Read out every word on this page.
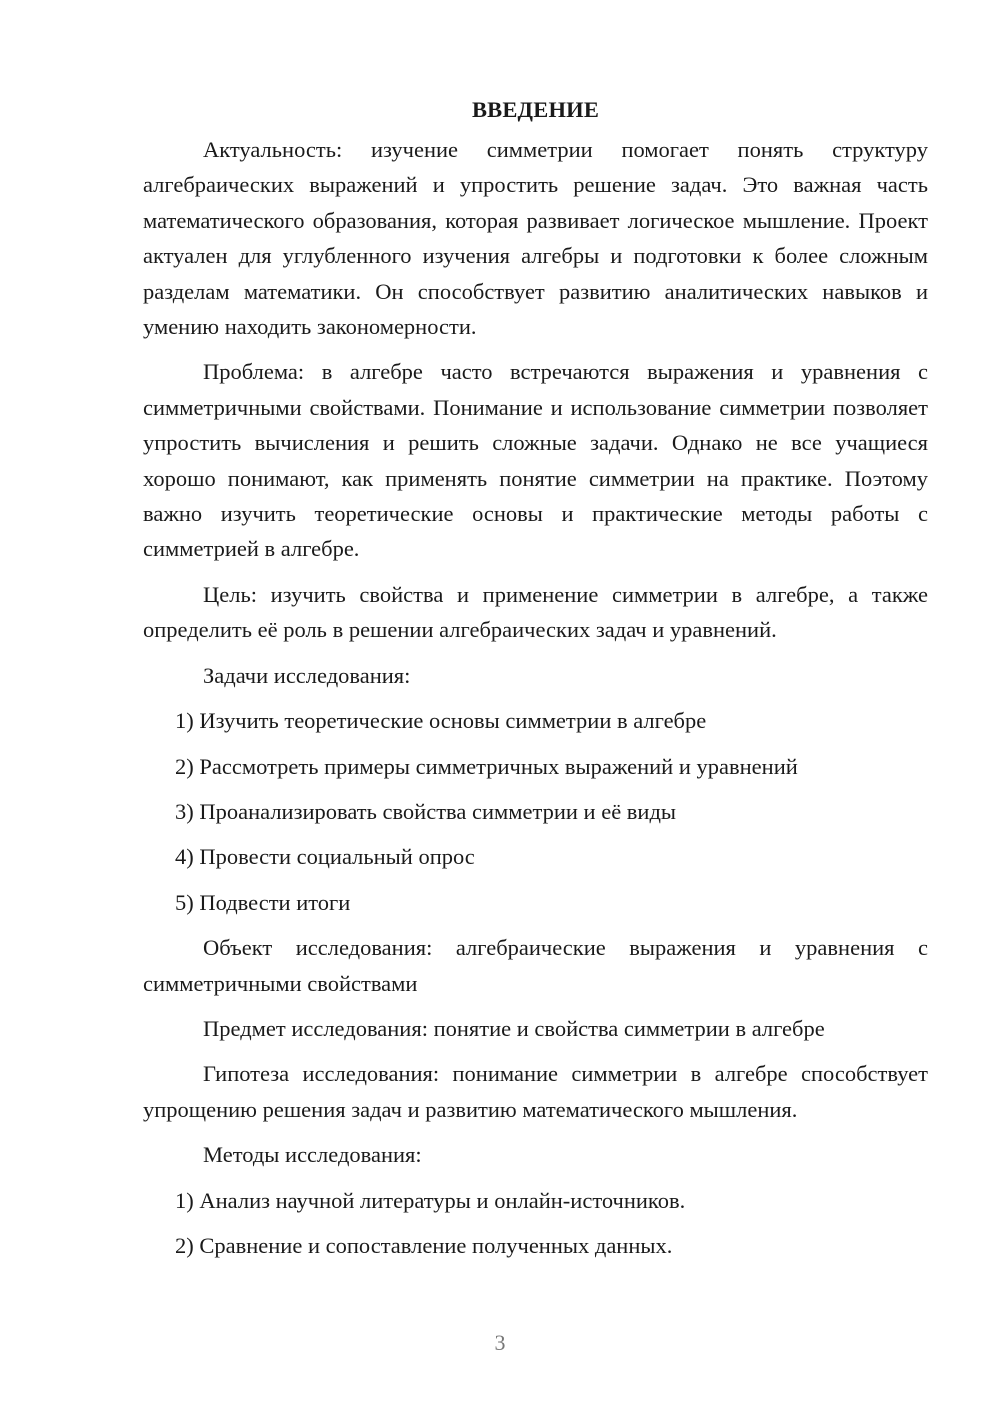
ВВЕДЕНИЕ

Актуальность: изучение симметрии помогает понять структуру алгебраических выражений и упростить решение задач. Это важная часть математического образования, которая развивает логическое мышление. Проект актуален для углубленного изучения алгебры и подготовки к более сложным разделам математики. Он способствует развитию аналитических навыков и умению находить закономерности.

Проблема: в алгебре часто встречаются выражения и уравнения с симметричными свойствами. Понимание и использование симметрии позволяет упростить вычисления и решить сложные задачи. Однако не все учащиеся хорошо понимают, как применять понятие симметрии на практике. Поэтому важно изучить теоретические основы и практические методы работы с симметрией в алгебре.

Цель: изучить свойства и применение симметрии в алгебре, а также определить её роль в решении алгебраических задач и уравнений.

Задачи исследования:

1) Изучить теоретические основы симметрии в алгебре
2) Рассмотреть примеры симметричных выражений и уравнений
3) Проанализировать свойства симметрии и её виды
4) Провести социальный опрос
5) Подвести итоги

Объект исследования: алгебраические выражения и уравнения с симметричными свойствами

Предмет исследования: понятие и свойства симметрии в алгебре

Гипотеза исследования: понимание симметрии в алгебре способствует упрощению решения задач и развитию математического мышления.

Методы исследования:

1) Анализ научной литературы и онлайн-источников.
2) Сравнение и сопоставление полученных данных.
3
